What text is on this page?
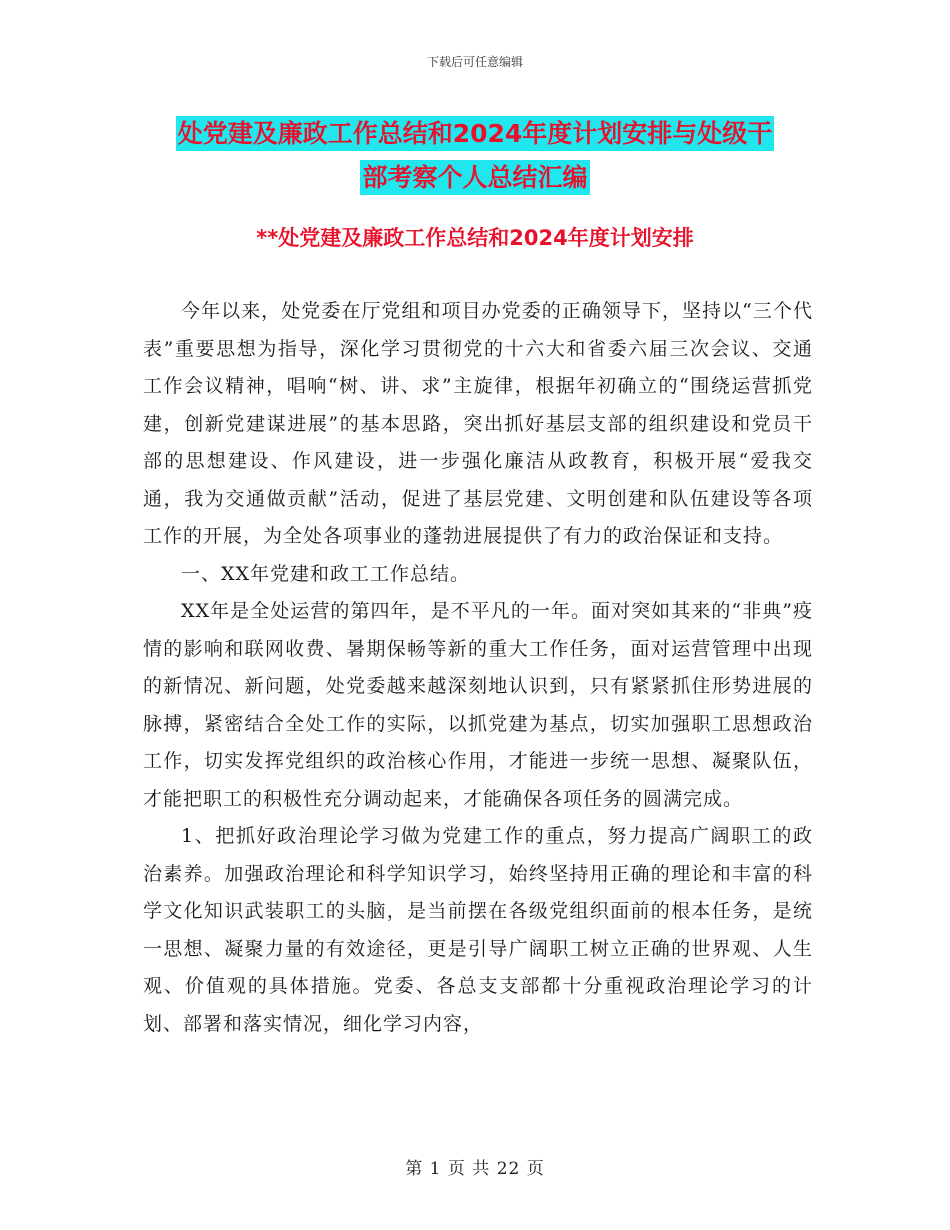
下载后可任意编辑
处党建及廉政工作总结和2024年度计划安排与处级干
部考察个人总结汇编
**处党建及廉政工作总结和2024年度计划安排

今年以来，处党委在厅党组和项目办党委的正确领导下，坚持以“三个代表”重要思想为指导，深化学习贯彻党的十六大和省委六届三次会议、交通工作会议精神，唱响“树、讲、求”主旋律，根据年初确立的“围绕运营抓党建，创新党建谋进展”的基本思路，突出抓好基层支部的组织建设和党员干部的思想建设、作风建设，进一步强化廉洁从政教育，积极开展“爱我交通，我为交通做贡献”活动，促进了基层党建、文明创建和队伍建设等各项工作的开展，为全处各项事业的蓬勃进展提供了有力的政治保证和支持。

一、XX年党建和政工工作总结。

XX年是全处运营的第四年，是不平凡的一年。面对突如其来的“非典”疫情的影响和联网收费、暑期保畅等新的重大工作任务，面对运营管理中出现的新情况、新问题，处党委越来越深刻地认识到，只有紧紧抓住形势进展的脉搏，紧密结合全处工作的实际，以抓党建为基点，切实加强职工思想政治工作，切实发挥党组织的政治核心作用，才能进一步统一思想、凝聚队伍，才能把职工的积极性充分调动起来，才能确保各项任务的圆满完成。

1、把抓好政治理论学习做为党建工作的重点，努力提高广阔职工的政治素养。加强政治理论和科学知识学习，始终坚持用正确的理论和丰富的科学文化知识武装职工的头脑，是当前摆在各级党组织面前的根本任务，是统一思想、凝聚力量的有效途径，更是引导广阔职工树立正确的世界观、人生观、价值观的具体措施。党委、各总支支部都十分重视政治理论学习的计划、部署和落实情况，细化学习内容，

第 1 页 共 22 页
